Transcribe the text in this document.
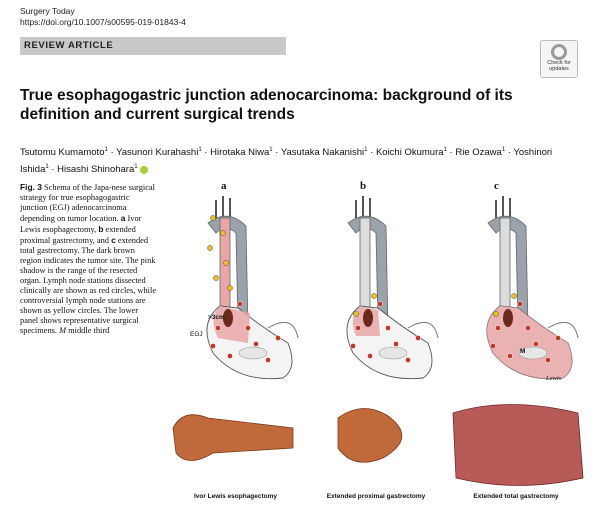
Surgery Today
https://doi.org/10.1007/s00595-019-01843-4
REVIEW ARTICLE
Check for
updates
True esophagogastric junction adenocarcinoma: background of its definition and current surgical trends
Tsutomu Kumamoto$^1$ · Yasunori Kurahashi$^1$ · Hirotaka Niwa$^1$ · Yasutaka Nakanishi$^1$ · Koichi Okumura$^1$ · Rie Ozawa$^1$ · Yoshinori Ishida$^1$ · Hisashi Shinohara$^1$
Fig. 3 Schema of the Japa-nese surgical strategy for true esophagogastric junction (EGJ) adenocarcinoma depending on tumor location. a Ivor Lewis esophagectomy, b extended proximal gastrectomy, and c extended total gastrectomy. The dark brown region indicates the tumor site. The pink shadow is the range of the resected organ. Lymph node stations dissected clinically are shown as red circles, while controversial lymph node stations are shown as yellow circles. The lower panel shows representative surgical specimens. M middle third
a	b	c
>3cm
EGJ
M
Lewis
Ivor Lewis esophagectomy	Extended proximal gastrectomy	Extended total gastrectomy
